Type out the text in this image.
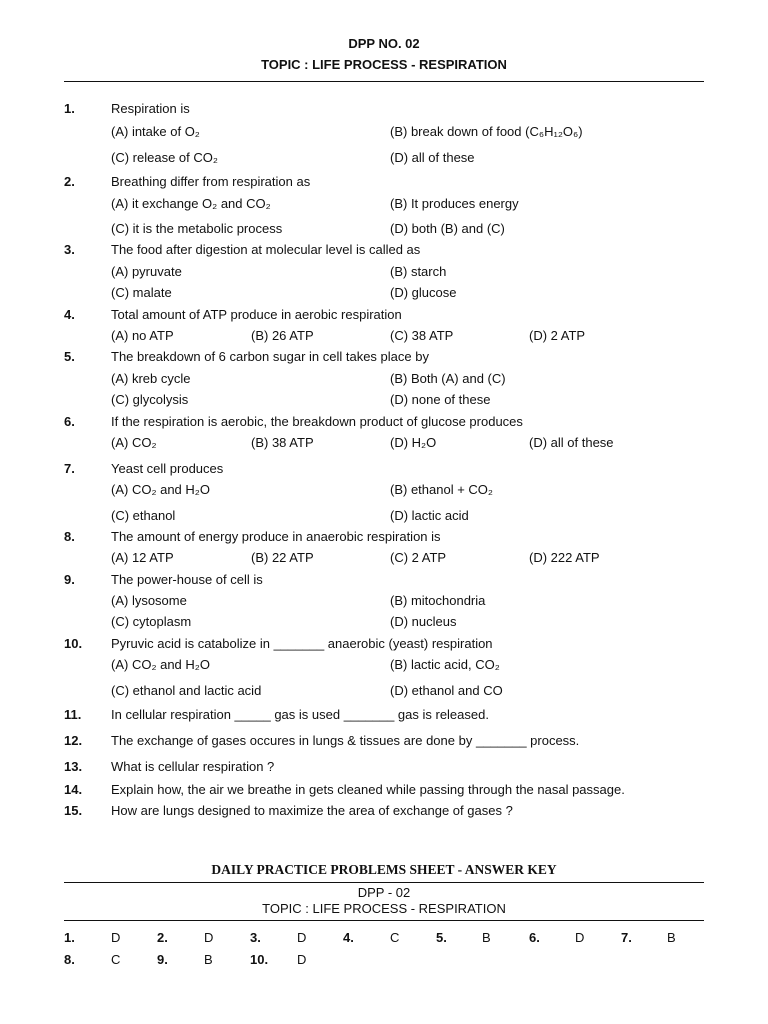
DPP NO. 02
TOPIC : LIFE PROCESS - RESPIRATION
1.	Respiration is
(A) intake of O₂	(B) break down of food (C₆H₁₂O₆)
(C) release of CO₂	(D) all of these
2.	Breathing differ from respiration as
(A) it exchange O₂ and CO₂	(B) It produces energy
(C) it is the metabolic process	(D) both (B) and (C)
3.	The food after digestion at molecular level is called as
(A) pyruvate	(B) starch
(C) malate	(D) glucose
4.	Total amount of ATP produce in aerobic respiration
(A) no ATP	(B) 26 ATP	(C) 38 ATP	(D) 2 ATP
5.	The breakdown of 6 carbon sugar in cell takes place by
(A) kreb cycle	(B) Both (A) and (C)
(C) glycolysis	(D) none of these
6.	If the respiration is aerobic, the breakdown product of glucose produces
(A) CO₂	(B) 38 ATP	(D) H₂O	(D) all of these
7.	Yeast cell produces
(A) CO₂ and H₂O	(B) ethanol + CO₂
(C) ethanol	(D) lactic acid
8.	The amount of energy produce in anaerobic respiration is
(A) 12 ATP	(B) 22 ATP	(C) 2 ATP	(D) 222 ATP
9.	The power-house of cell is
(A) lysosome	(B) mitochondria
(C) cytoplasm	(D) nucleus
10. Pyruvic acid is catabolize in _______ anaerobic (yeast) respiration
(A) CO₂ and H₂O	(B) lactic acid, CO₂
(C) ethanol and lactic acid	(D) ethanol and CO
11. In cellular respiration _____ gas is used _______ gas is released.
12. The exchange of gases occures in lungs & tissues are done by _______ process.
13. What is cellular respiration ?
14. Explain how, the air we breathe in gets cleaned while passing through the nasal passage.
15. How are lungs designed to maximize the area of exchange of gases ?
DAILY PRACTICE PROBLEMS SHEET - ANSWER KEY
DPP - 02
TOPIC : LIFE PROCESS - RESPIRATION
1.	D	2.	D	3.	D	4.	C	5.	B	6.	D	7.	B
8.	C	9.	B	10. D
